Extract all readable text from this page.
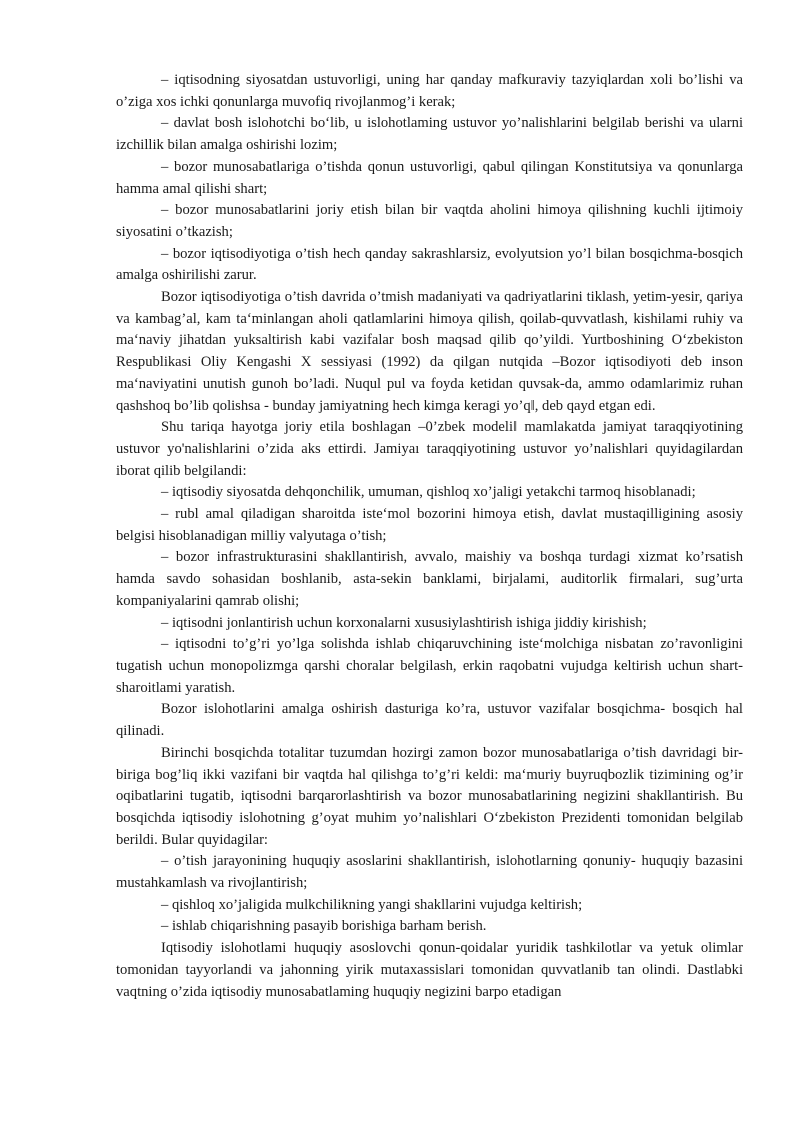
– iqtisodning siyosatdan ustuvorligi, uning har qanday mafkuraviy tazyiqlardan xoli bo’lishi va o’ziga xos ichki qonunlarga muvofiq rivojlanmog’i kerak;

– davlat bosh islohotchi bo‘lib, u islohotlaming ustuvor yo’nalishlarini belgilab berishi va ularni izchillik bilan amalga oshirishi lozim;

– bozor munosabatlariga o’tishda qonun ustuvorligi, qabul qilingan Konstitutsiya va qonunlarga hamma amal qilishi shart;

– bozor munosabatlarini joriy etish bilan bir vaqtda aholini himoya qilishning kuchli ijtimoiy siyosatini o’tkazish;

– bozor iqtisodiyotiga o’tish hech qanday sakrashlarsiz, evolyutsion yo’l bilan bosqichma-bosqich amalga oshirilishi zarur.

Bozor iqtisodiyotiga o’tish davrida o’tmish madaniyati va qadriyatlarini tiklash, yetim-yesir, qariya va kambag’al, kam ta‘minlangan aholi qatlamlarini himoya qilish, qoilab-quvvatlash, kishilami ruhiy va ma‘naviy jihatdan yuksaltirish kabi vazifalar bosh maqsad qilib qo’yildi. Yurtboshining O‘zbekiston Respublikasi Oliy Kengashi X sessiyasi (1992) da qilgan nutqida –Bozor iqtisodiyoti deb inson ma‘naviyatini unutish gunoh bo’ladi. Nuqul pul va foyda ketidan quvsak-da, ammo odamlarimiz ruhan qashshoq bo’lib qolishsa - bunday jamiyatning hech kimga keragi yo’q‖, deb qayd etgan edi.

Shu tariqa hayotga joriy etila boshlagan –0’zbek modeli‖ mamlakatda jamiyat taraqqiyotining ustuvor yo'nalishlarini o’zida aks ettirdi. Jamiyaı taraqqiyotining ustuvor yo’nalishlari quyidagilardan iborat qilib belgilandi:

– iqtisodiy siyosatda dehqonchilik, umuman, qishloq xo’jaligi yetakchi tarmoq hisoblanadi;

– rubl amal qiladigan sharoitda iste‘mol bozorini himoya etish, davlat mustaqilligining asosiy belgisi hisoblanadigan milliy valyutaga o’tish;

– bozor infrastrukturasini shakllantirish, avvalo, maishiy va boshqa turdagi xizmat ko’rsatish hamda savdo sohasidan boshlanib, asta-sekin banklami, birjalami, auditorlik firmalari, sug’urta kompaniyalarini qamrab olishi;

– iqtisodni jonlantirish uchun korxonalarni xususiylashtirish ishiga jiddiy kirishish;

– iqtisodni to’g’ri yo’lga solishda ishlab chiqaruvchining iste‘molchiga nisbatan zo’ravonligini tugatish uchun monopolizmga qarshi choralar belgilash, erkin raqobatni vujudga keltirish uchun shart-sharoitlami yaratish.

Bozor islohotlarini amalga oshirish dasturiga ko’ra, ustuvor vazifalar bosqichma- bosqich hal qilinadi.

Birinchi bosqichda totalitar tuzumdan hozirgi zamon bozor munosabatlariga o’tish davridagi bir-biriga bog’liq ikki vazifani bir vaqtda hal qilishga to’g’ri keldi: ma‘muriy buyruqbozlik tizimining og’ir oqibatlarini tugatib, iqtisodni barqarorlashtirish va bozor munosabatlarining negizini shakllantirish. Bu bosqichda iqtisodiy islohotning g’oyat muhim yo’nalishlari O‘zbekiston Prezidenti tomonidan belgilab berildi. Bular quyidagilar:

– o’tish jarayonining huquqiy asoslarini shakllantirish, islohotlarning qonuniy- huquqiy bazasini mustahkamlash va rivojlantirish;

– qishloq xo’jaligida mulkchilikning yangi shakllarini vujudga keltirish;

– ishlab chiqarishning pasayib borishiga barham berish.

Iqtisodiy islohotlami huquqiy asoslovchi qonun-qoidalar yuridik tashkilotlar va yetuk olimlar tomonidan tayyorlandi va jahonning yirik mutaxassislari tomonidan quvvatlanib tan olindi. Dastlabki vaqtning o’zida iqtisodiy munosabatlaming huquqiy negizini barpo etadigan
